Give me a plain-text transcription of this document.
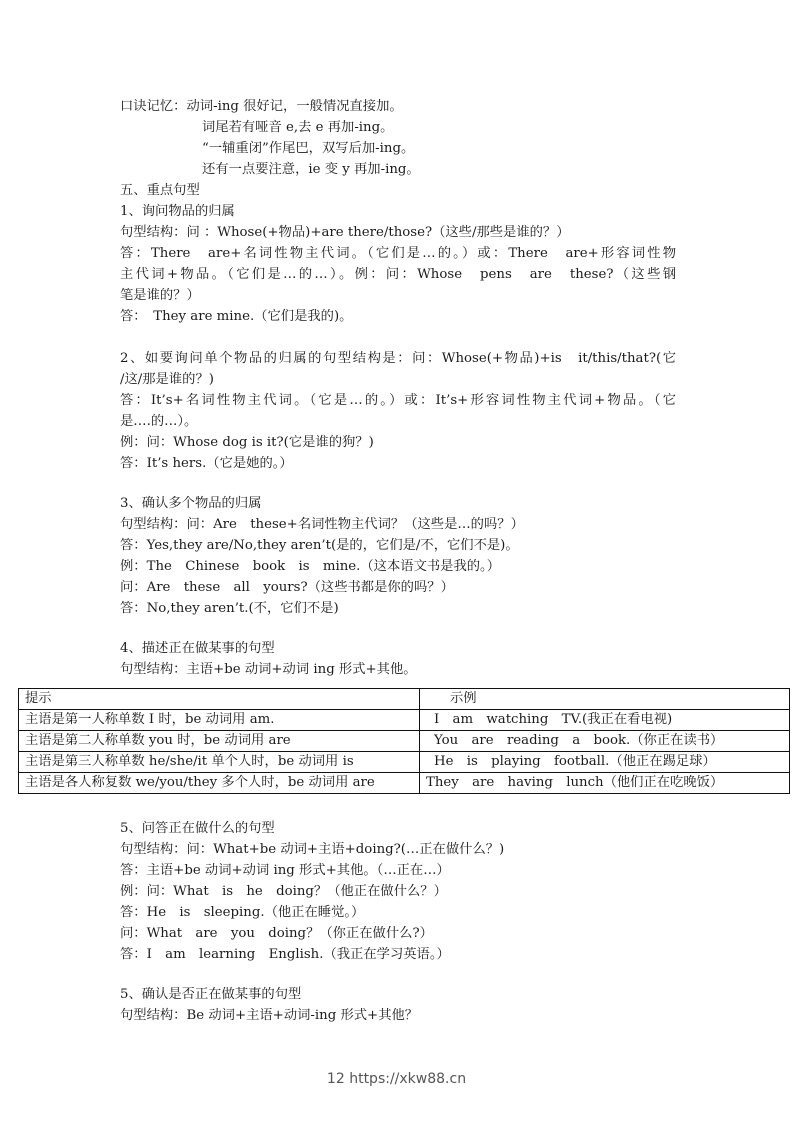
口诀记忆：动词-ing 很好记，一般情况直接加。
词尾若有哑音 e,去 e 再加-ing。
“一辅重闭”作尾巴，双写后加-ing。
还有一点要注意，ie 变 y 再加-ing。
五、重点句型
1、询问物品的归属
句型结构：问 ：Whose(+物品)+are there/those?（这些/那些是谁的？）
答：There　are+名词性物主代词。（它们是…的。）或：There　are+形容词性物
主代词+物品。（它们是…的…）。例：问：Whose　pens　are　these?（这些钢
笔是谁的？）
答：　They are mine.（它们是我的)。
2、如要询问单个物品的归属的句型结构是：问：Whose(+物品)+is　it/this/that?(它
/这/那是谁的？)
答：It’s+名词性物主代词。（它是…的。）或：It’s+形容词性物主代词+物品。（它
是….的…）。
例：问：Whose dog is it?(它是谁的狗？)
答：It’s hers.（它是她的。）
3、确认多个物品的归属
句型结构：问：Are　these+名词性物主代词？（这些是…的吗？）
答：Yes,they are/No,they aren’t(是的，它们是/不，它们不是)。
例：The　Chinese　book　is　mine.（这本语文书是我的。）
问：Are　these　all　yours?（这些书都是你的吗？）
答：No,they aren’t.(不，它们不是)
4、描述正在做某事的句型
句型结构：主语+be 动词+动词 ing 形式+其他。
提示	示例
主语是第一人称单数 I 时，be 动词用 am.	I　am　watching　TV.(我正在看电视)
主语是第二人称单数 you 时，be 动词用 are	You　are　reading　a　book.（你正在读书）
主语是第三人称单数 he/she/it 单个人时，be 动词用 is	He　is　playing　football.（他正在踢足球）
主语是各人称复数 we/you/they 多个人时，be 动词用 are	They　are　having　lunch（他们正在吃晚饭）
5、问答正在做什么的句型
句型结构：问：What+be 动词+主语+doing?(…正在做什么？)
答：主语+be 动词+动词 ing 形式+其他。（…正在…）
例：问：What　is　he　doing？（他正在做什么？）
答：He　is　sleeping.（他正在睡觉。）
问：What　are　you　doing？（你正在做什么?）
答：I　am　learning　English.（我正在学习英语。）
5、确认是否正在做某事的句型
句型结构：Be 动词+主语+动词-ing 形式+其他？
12 https://xkw88.cn
